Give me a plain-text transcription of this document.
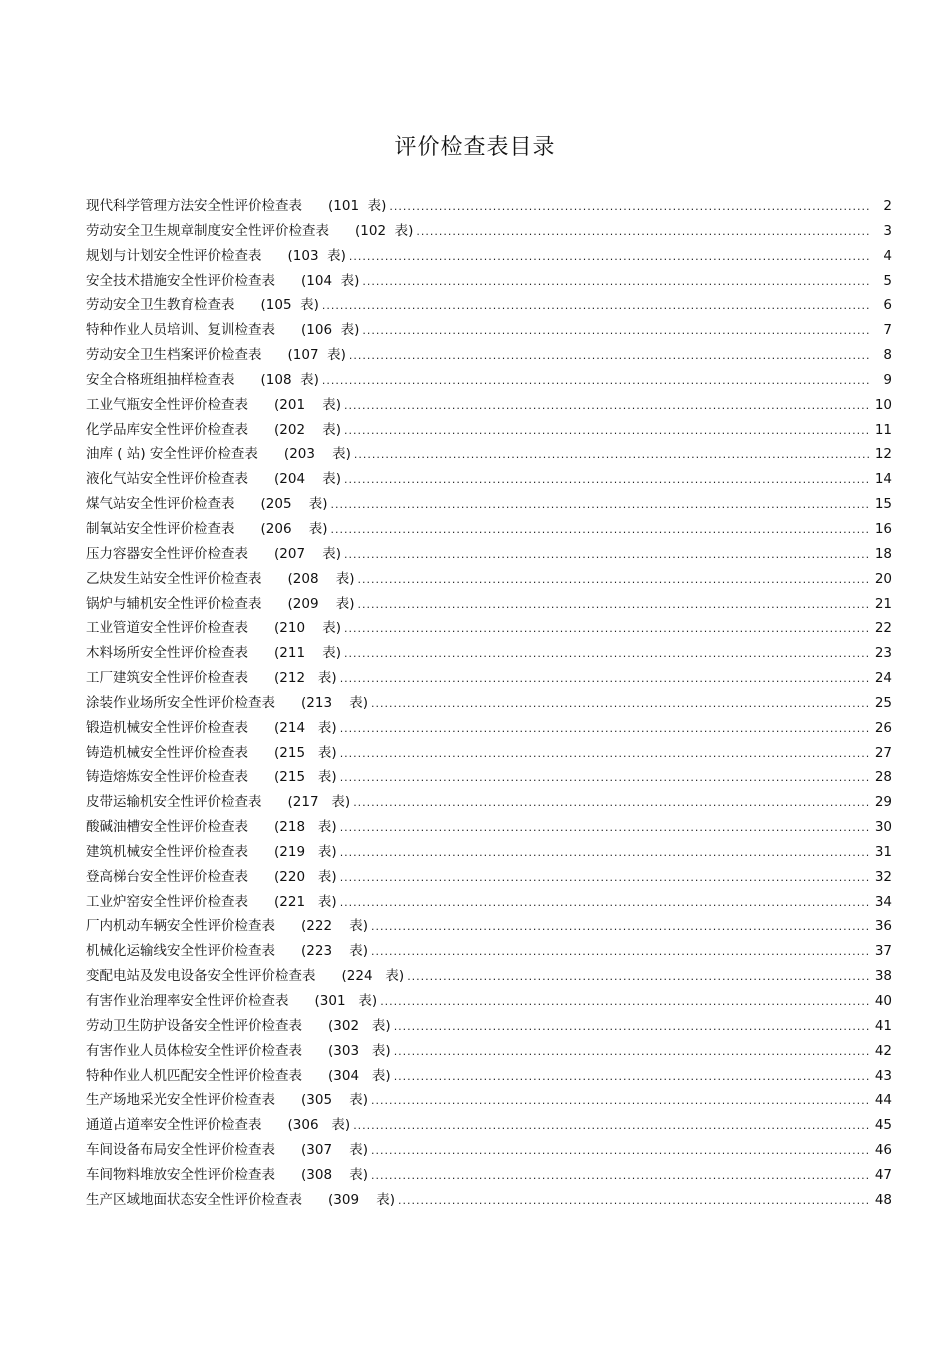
评价检查表目录
现代科学管理方法安全性评价检查表 (101  表) .....	2
劳动安全卫生规章制度安全性评价检查表 (102  表) .....	3
规划与计划安全性评价检查表 (103  表) .....	4
安全技术措施安全性评价检查表 (104  表) .....	5
劳动安全卫生教育检查表 (105  表) .....	6
特种作业人员培训、复训检查表 (106  表) .....	7
劳动安全卫生档案评价检查表 (107  表) .....	8
安全合格班组抽样检查表 (108  表) .....	9
工业气瓶安全性评价检查表 (201    表) .....	10
化学品库安全性评价检查表 (202    表) .....	11
油库 ( 站) 安全性评价检查表 (203    表) .....	12
液化气站安全性评价检查表 (204    表) .....	14
煤气站安全性评价检查表 (205    表) .....	15
制氧站安全性评价检查表 (206    表) .....	16
压力容器安全性评价检查表 (207    表) .....	18
乙炔发生站安全性评价检查表 (208    表) .....	20
锅炉与辅机安全性评价检查表 (209    表) .....	21
工业管道安全性评价检查表 (210    表) .....	22
木料场所安全性评价检查表 (211    表) .....	23
工厂建筑安全性评价检查表 (212   表) .....	24
涂装作业场所安全性评价检查表 (213    表) .....	25
锻造机械安全性评价检查表 (214   表) .....	26
铸造机械安全性评价检查表 (215   表) .....	27
铸造熔炼安全性评价检查表 (215   表) .....	28
皮带运输机安全性评价检查表 (217   表) .....	29
酸碱油槽安全性评价检查表 (218   表) .....	30
建筑机械安全性评价检查表 (219   表) .....	31
登高梯台安全性评价检查表 (220   表) .....	32
工业炉窑安全性评价检查表 (221   表) .....	34
厂内机动车辆安全性评价检查表 (222    表) .....	36
机械化运输线安全性评价检查表 (223    表) .....	37
变配电站及发电设备安全性评价检查表 (224   表) .....	38
有害作业治理率安全性评价检查表 (301   表) .....	40
劳动卫生防护设备安全性评价检查表 (302   表) .....	41
有害作业人员体检安全性评价检查表 (303   表) .....	42
特种作业人机匹配安全性评价检查表 (304   表) .....	43
生产场地采光安全性评价检查表 (305    表) .....	44
通道占道率安全性评价检查表 (306   表) .....	45
车间设备布局安全性评价检查表 (307    表) .....	46
车间物料堆放安全性评价检查表 (308    表) .....	47
生产区域地面状态安全性评价检查表 (309    表) .....	48
